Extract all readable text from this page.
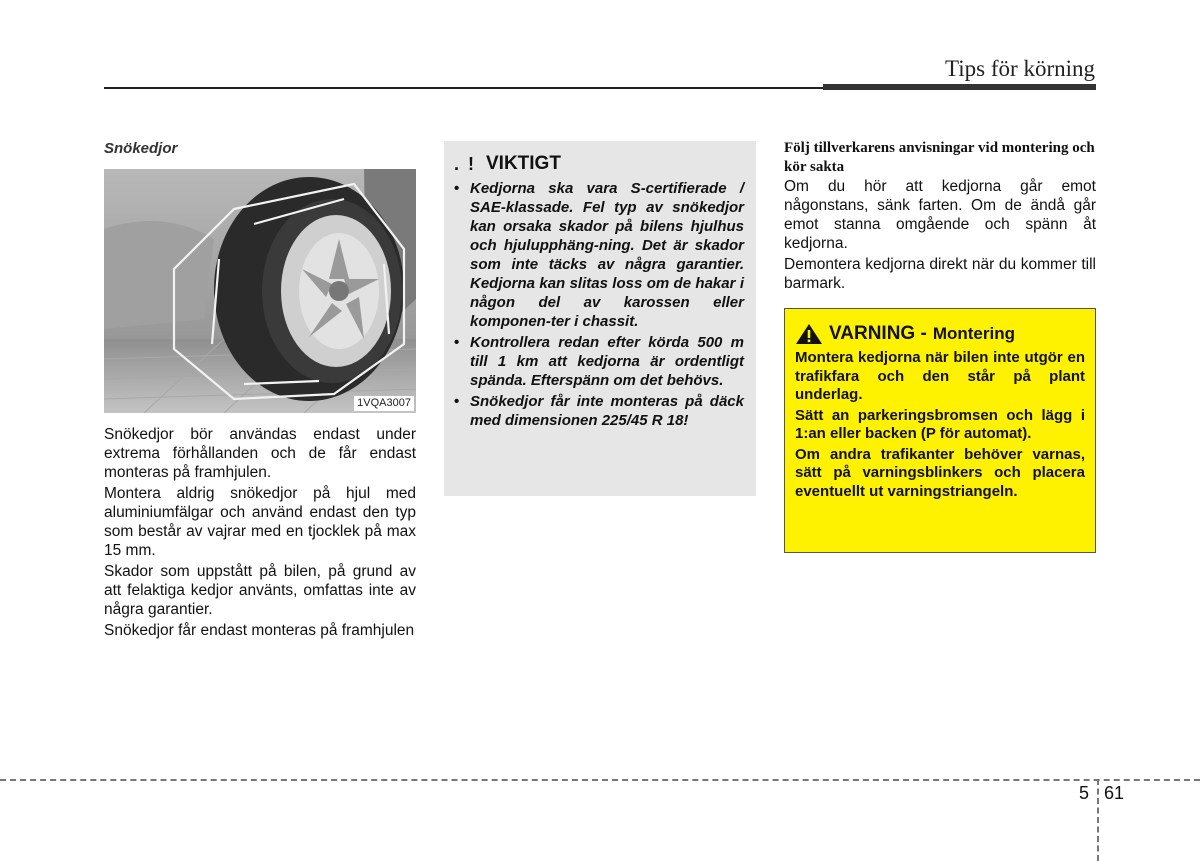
Tips för körning
Snökedjor
1VQA3007

Snökedjor bör användas endast under extrema förhållanden och de får endast monteras på framhjulen.

Montera aldrig snökedjor på hjul med aluminiumfälgar och använd endast den typ som består av vajrar med en tjocklek på max 15 mm.

Skador som uppstått på bilen, på grund av att felaktiga kedjor använts, omfattas inte av några garantier.

Snökedjor får endast monteras på framhjulen

. ! VIKTIGT
• Kedjorna ska vara S-certifierade / SAE-klassade. Fel typ av snökedjor kan orsaka skador på bilens hjulhus och hjulupphäng-ning. Det är skador som inte täcks av några garantier. Kedjorna kan slitas loss om de hakar i någon del av karossen eller komponen-ter i chassit.
• Kontrollera redan efter körda 500 m till 1 km att kedjorna är ordentligt spända. Efterspänn om det behövs.
• Snökedjor får inte monteras på däck med dimensionen 225/45 R 18!
Följ tillverkarens anvisningar vid montering och kör sakta

Om du hör att kedjorna går emot någonstans, sänk farten. Om de ändå går emot stanna omgående och spänn åt kedjorna.

Demontera kedjorna direkt när du kommer till barmark.

VARNING - Montering

Montera kedjorna när bilen inte utgör en trafikfara och den står på plant underlag.

Sätt an parkeringsbromsen och lägg i 1:an eller backen (P för automat).

Om andra trafikanter behöver varnas, sätt på varningsblinkers och placera eventuellt ut varningstriangeln.

5 61
